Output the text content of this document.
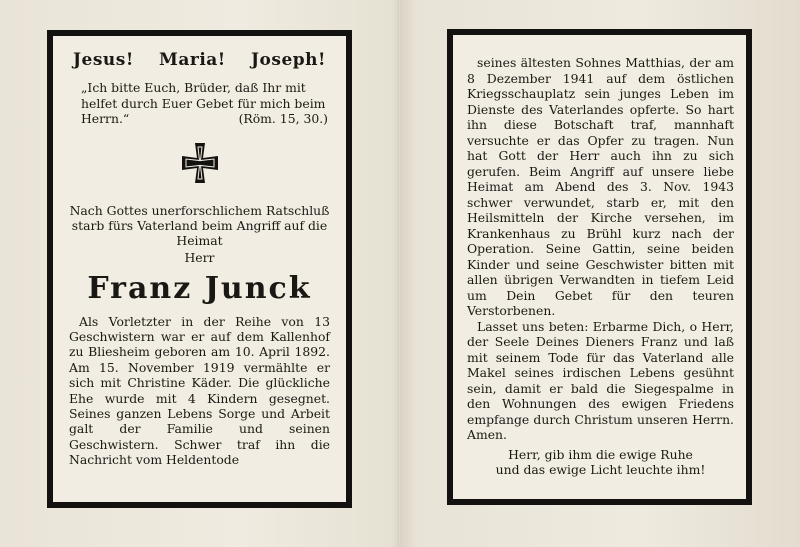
Jesus! Maria! Joseph!
„Ich bitte Euch, Brüder, daß Ihr mit helfet durch Euer Gebet für mich beim Herrn.“	(Röm. 15, 30.)
Nach Gottes unerforschlichem Ratschluß starb fürs Vaterland beim Angriff auf die Heimat
Herr
Franz Junck
Als Vorletzter in der Reihe von 13 Geschwistern war er auf dem Kallenhof zu Bliesheim geboren am 10. April 1892. Am 15. November 1919 vermählte er sich mit Christine Käder. Die glückliche Ehe wurde mit 4 Kindern gesegnet. Seines ganzen Lebens Sorge und Arbeit galt der Familie und seinen Geschwistern. Schwer traf ihn die Nachricht vom Heldentode

seines ältesten Sohnes Matthias, der am 8 Dezember 1941 auf dem östlichen Kriegsschauplatz sein junges Leben im Dienste des Vaterlandes opferte. So hart ihn diese Botschaft traf, mannhaft versuchte er das Opfer zu tragen. Nun hat Gott der Herr auch ihn zu sich gerufen. Beim Angriff auf unsere liebe Heimat am Abend des 3. Nov. 1943 schwer verwundet, starb er, mit den Heilsmitteln der Kirche versehen, im Krankenhaus zu Brühl kurz nach der Operation. Seine Gattin, seine beiden Kinder und seine Geschwister bitten mit allen übrigen Verwandten in tiefem Leid um Dein Gebet für den teuren Verstorbenen.

Lasset uns beten: Erbarme Dich, o Herr, der Seele Deines Dieners Franz und laß mit seinem Tode für das Vaterland alle Makel seines irdischen Lebens gesühnt sein, damit er bald die Siegespalme in den Wohnungen des ewigen Friedens empfange durch Christum unseren Herrn. Amen.

Herr, gib ihm die ewige Ruhe
und das ewige Licht leuchte ihm!
